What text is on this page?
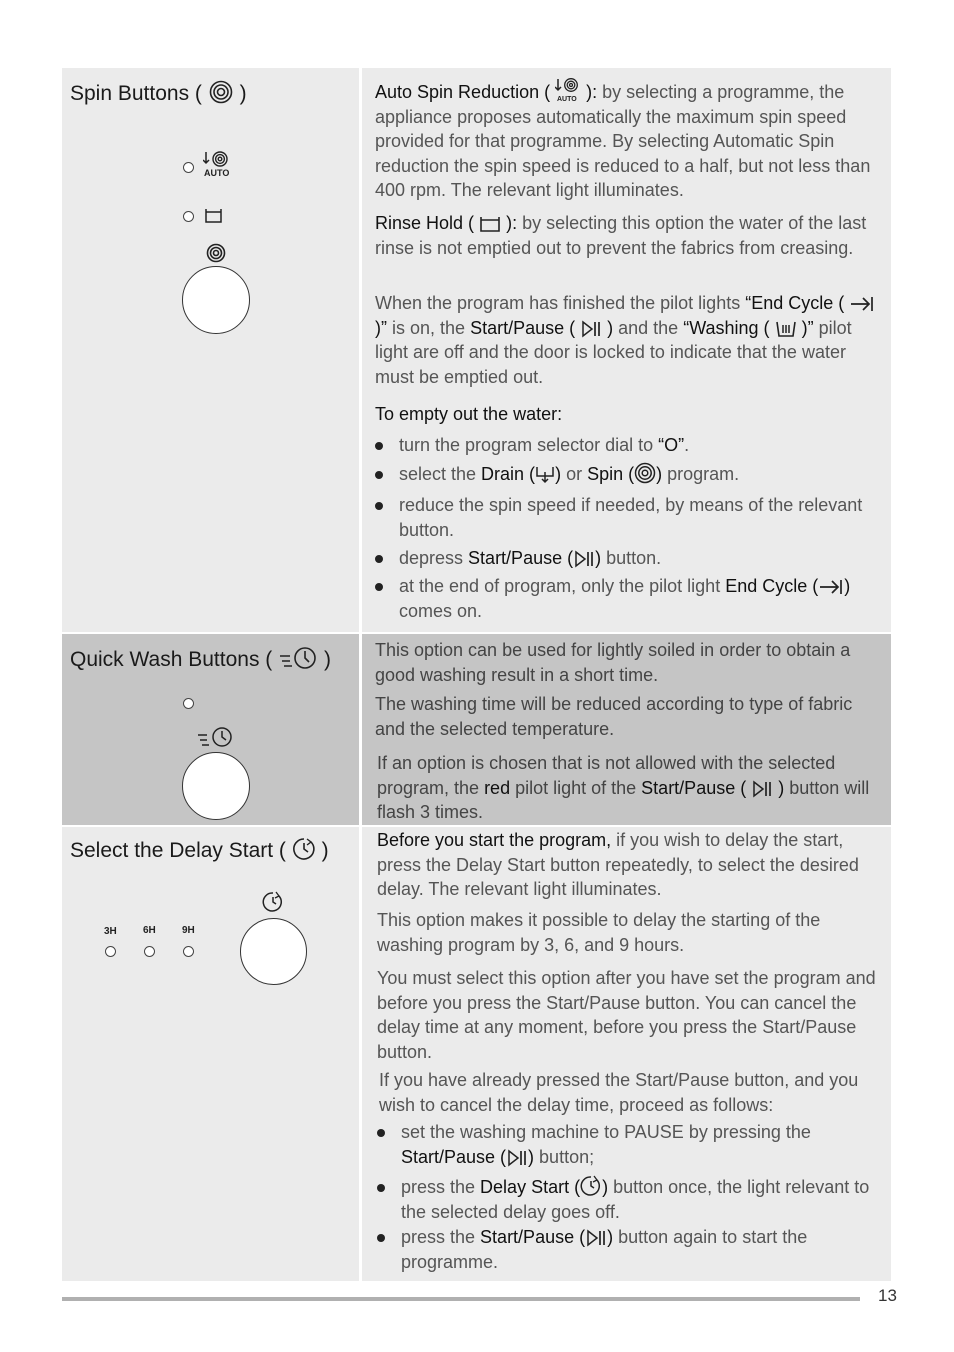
Spin Buttons ( )
AUTO
Auto Spin Reduction ( AUTO ): by selecting a programme, the appliance proposes automatically the maximum spin speed provided for that programme. By selecting Automatic Spin reduction the spin speed is reduced to a half, but not less than 400 rpm. The relevant light illuminates.
Rinse Hold ( ): by selecting this option the water of the last rinse is not emptied out to prevent the fabrics from creasing.
When the program has finished the pilot lights “End Cycle (  )” is on, the Start/Pause ( ) and the “Washing ( )” pilot light are off and the door is locked to indicate that the water must be emptied out.
To empty out the water:
turn the program selector dial to “O”.
select the Drain ( ) or Spin ( ) program.
reduce the spin speed if needed, by means of the relevant button.
depress Start/Pause ( ) button.
at the end of program, only the pilot light End Cycle ( ) comes on.
Quick Wash Buttons ( ) This option can be used for lightly soiled in order to obtain a good washing result in a short time.
The washing time will be reduced according to type of fabric and the selected temperature.
If an option is chosen that is not allowed with the selected program, the red pilot light of the Start/Pause ( ) button will flash 3 times.
Select the Delay Start ( )
3H	6H	9H
Before you start the program, if you wish to delay the start, press the Delay Start button repeatedly, to select the desired delay. The relevant light illuminates.
This option makes it possible to delay the starting of the washing program by 3, 6, and 9 hours.
You must select this option after you have set the program and before you press the Start/Pause button. You can cancel the delay time at any moment, before you press the Start/Pause button.
If you have already pressed the Start/Pause button, and you wish to cancel the delay time, proceed as follows:
set the washing machine to PAUSE by pressing the Start/Pause ( ) button;
press the Delay Start ( ) button once, the light relevant to the selected delay goes off.
press the Start/Pause ( ) button again to start the programme.
13
